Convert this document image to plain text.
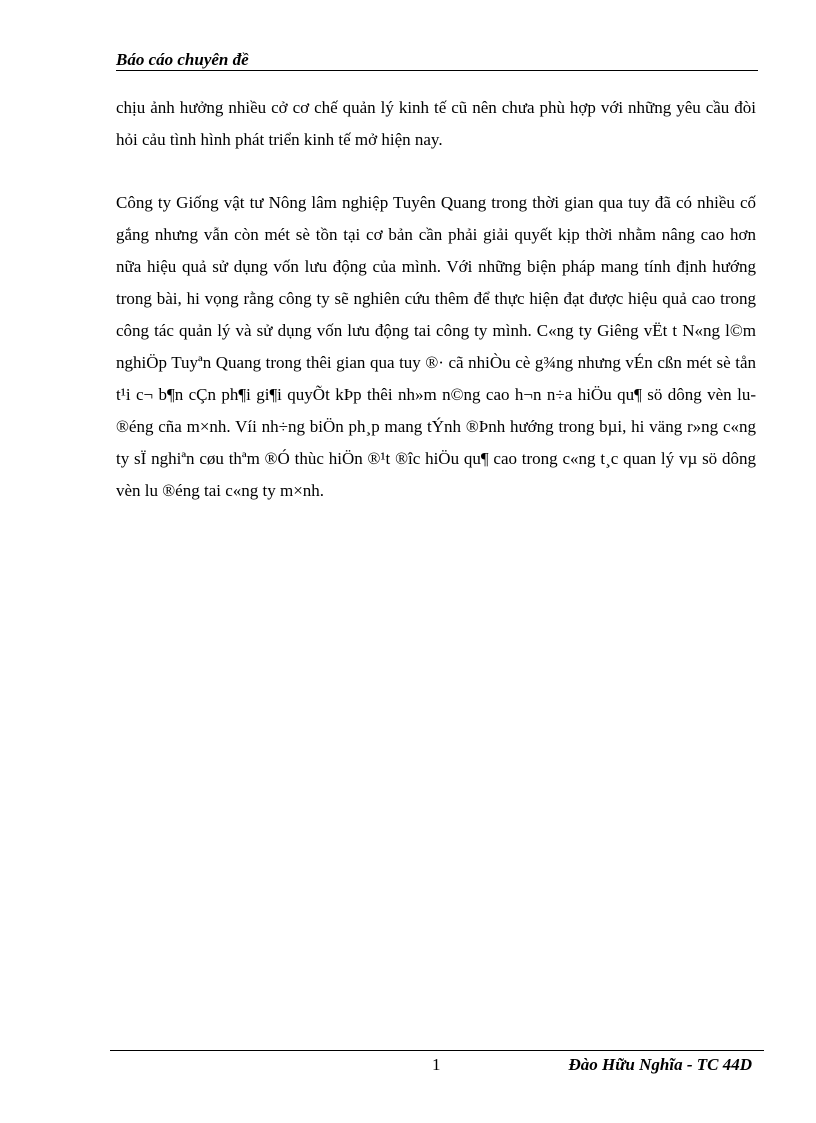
Báo cáo chuyên đề

chịu ảnh hưởng nhiều cở cơ chế quản lý kinh tế cũ nên chưa phù hợp với những yêu cầu đòi hỏi cảu tình hình phát triển kinh tế mở hiện nay.

Công ty Giống vật tư Nông lâm nghiệp Tuyên Quang trong thời gian qua tuy đã có nhiều cố gắng nhưng vẫn còn mét sè tồn tại cơ bản cần phải giải quyết kịp thời nhằm nâng cao hơn nữa hiệu quả sử dụng vốn lưu động của mình. Với những biện pháp mang tính định hướng trong bài, hi vọng rằng công ty sẽ nghiên cứu thêm để thực hiện đạt được hiệu quả cao trong công tác quản lý và sử dụng vốn lưu động tai công ty mình. C«ng ty Giêng vËt t N«ng l©m nghiÖp Tuyªn Quang trong thêi gian qua tuy ®· cã nhiÒu cè g¾ng nhưng vÉn cßn mét sè tån t¹i c¬ b¶n cÇn ph¶i gi¶i quyÕt kÞp thêi nh»m n©ng cao h¬n n÷a hiÖu qu¶ sö dông vèn lu ®éng cña m×nh. Víi nh÷ng biÖn ph¸p mang tÝnh ®Þnh hướng trong bµi, hi väng r»ng c«ng ty sÏ nghiªn cøu thªm ®Ó thùc hiÖn ®¹t ®îc hiÖu qu¶ cao trong c«ng t¸c quan lý vµ sö dông vèn lu ®éng tai c«ng ty m×nh.

1	Đào Hữu Nghĩa - TC 44D
